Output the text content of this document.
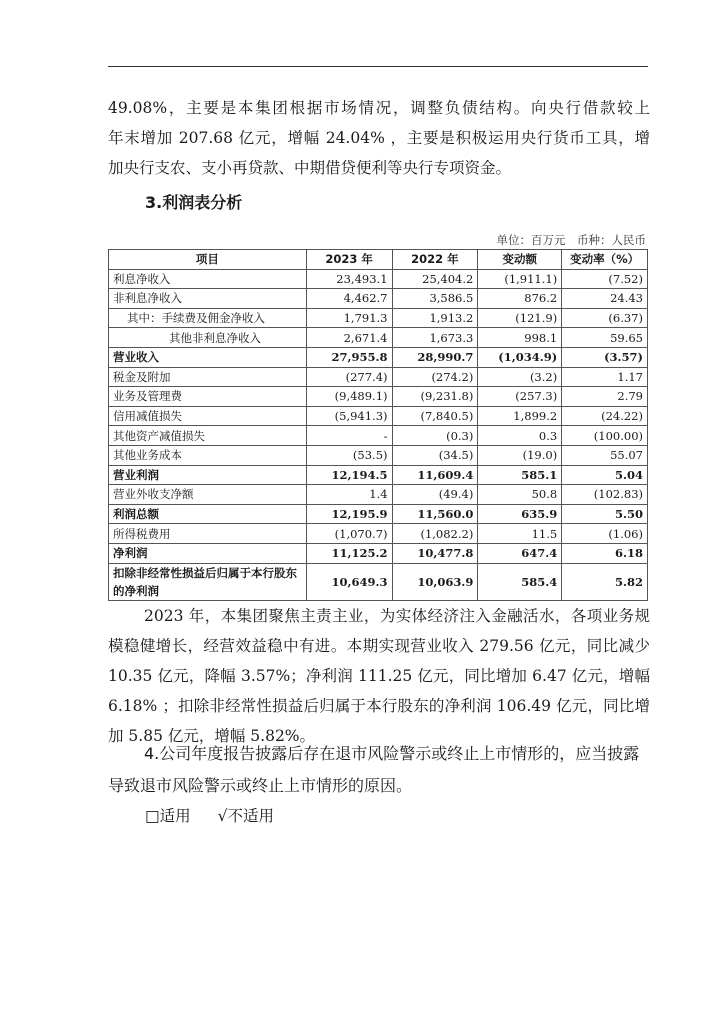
49.08%，主要是本集团根据市场情况，调整负债结构。向央行借款较上
年末增加 207.68 亿元，增幅 24.04% ，主要是积极运用央行货币工具，增
加央行支农、支小再贷款、中期借贷便利等央行专项资金。

3.利润表分析
单位：百万元　币种：人民币
项目	2023 年	2022 年	变动额	变动率（%）
利息净收入	23,493.1	25,404.2	(1,911.1)	(7.52)
非利息净收入	4,462.7	3,586.5	876.2	24.43
其中：手续费及佣金净收入	1,791.3	1,913.2	(121.9)	(6.37)
其他非利息净收入	2,671.4	1,673.3	998.1	59.65
营业收入	27,955.8	28,990.7	(1,034.9)	(3.57)
税金及附加	(277.4)	(274.2)	(3.2)	1.17
业务及管理费	(9,489.1)	(9,231.8)	(257.3)	2.79
信用减值损失	(5,941.3)	(7,840.5)	1,899.2	(24.22)
其他资产减值损失	-	(0.3)	0.3	(100.00)
其他业务成本	(53.5)	(34.5)	(19.0)	55.07
营业利润	12,194.5	11,609.4	585.1	5.04
营业外收支净额	1.4	(49.4)	50.8	(102.83)
利润总额	12,195.9	11,560.0	635.9	5.50
所得税费用	(1,070.7)	(1,082.2)	11.5	(1.06)
净利润	11,125.2	10,477.8	647.4	6.18
扣除非经常性损益后归属于本行股东的净利润	10,649.3	10,063.9	585.4	5.82

2023 年，本集团聚焦主责主业，为实体经济注入金融活水，各项业务规模稳健增长，经营效益稳中有进。本期实现营业收入 279.56 亿元，同比减少 10.35 亿元，降幅 3.57%；净利润 111.25 亿元，同比增加 6.47 亿元，增幅 6.18% ；扣除非经常性损益后归属于本行股东的净利润 106.49 亿元，同比增加 5.85 亿元，增幅 5.82%。

4.公司年度报告披露后存在退市风险警示或终止上市情形的，应当披露导致退市风险警示或终止上市情形的原因。

□适用 √不适用
